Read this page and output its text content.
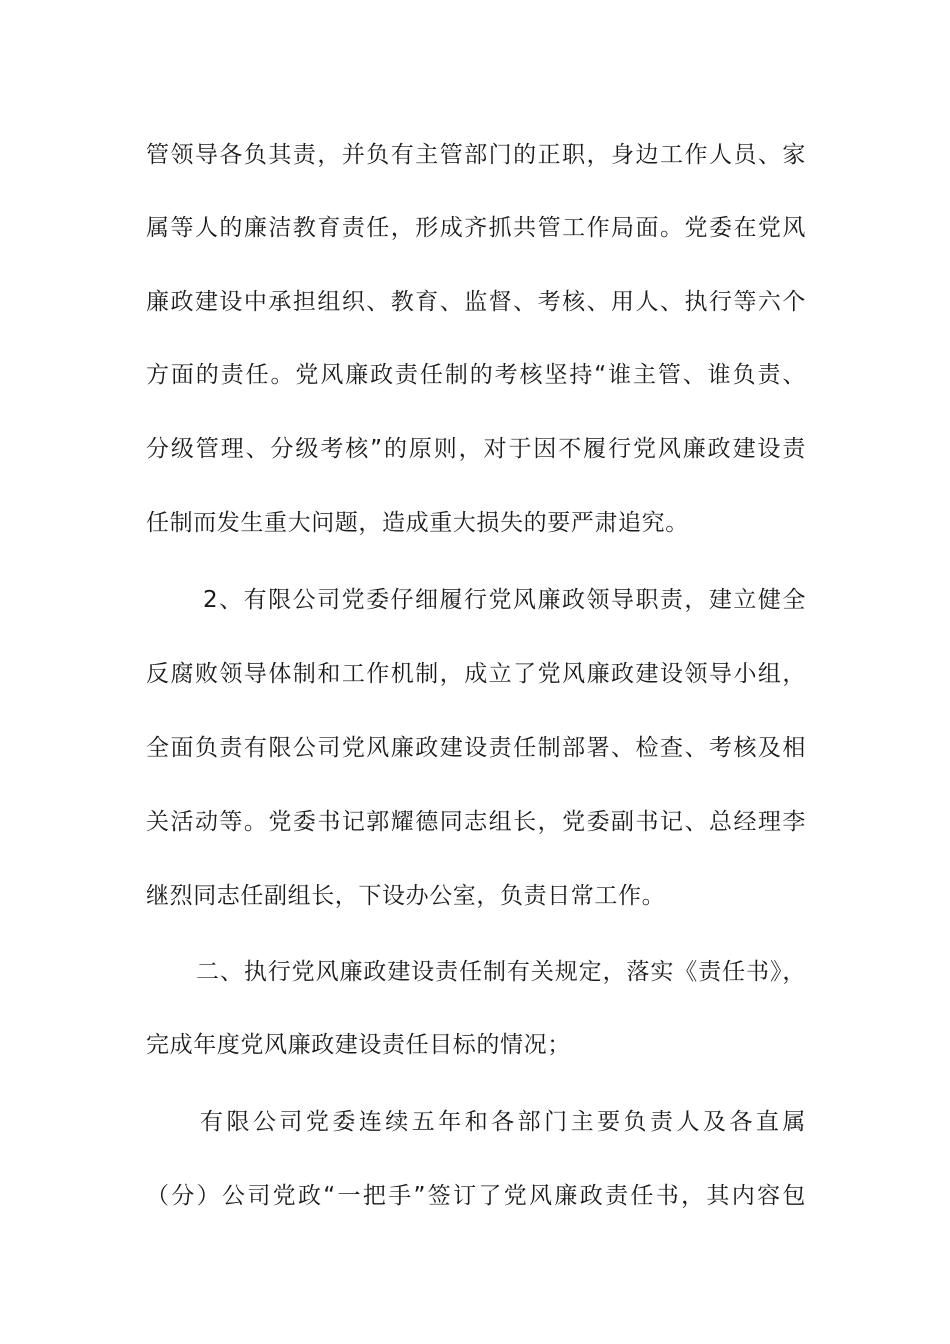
管领导各负其责，并负有主管部门的正职，身边工作人员、家
属等人的廉洁教育责任，形成齐抓共管工作局面。党委在党风
廉政建设中承担组织、教育、监督、考核、用人、执行等六个
方面的责任。党风廉政责任制的考核坚持“谁主管、谁负责、
分级管理、分级考核”的原则，对于因不履行党风廉政建设责
任制而发生重大问题，造成重大损失的要严肃追究。
2、有限公司党委仔细履行党风廉政领导职责，建立健全
反腐败领导体制和工作机制，成立了党风廉政建设领导小组，
全面负责有限公司党风廉政建设责任制部署、检查、考核及相
关活动等。党委书记郭耀德同志组长，党委副书记、总经理李
继烈同志任副组长，下设办公室，负责日常工作。
二、执行党风廉政建设责任制有关规定，落实《责任书》，
完成年度党风廉政建设责任目标的情况；
有限公司党委连续五年和各部门主要负责人及各直属
（分）公司党政“一把手”签订了党风廉政责任书，其内容包
